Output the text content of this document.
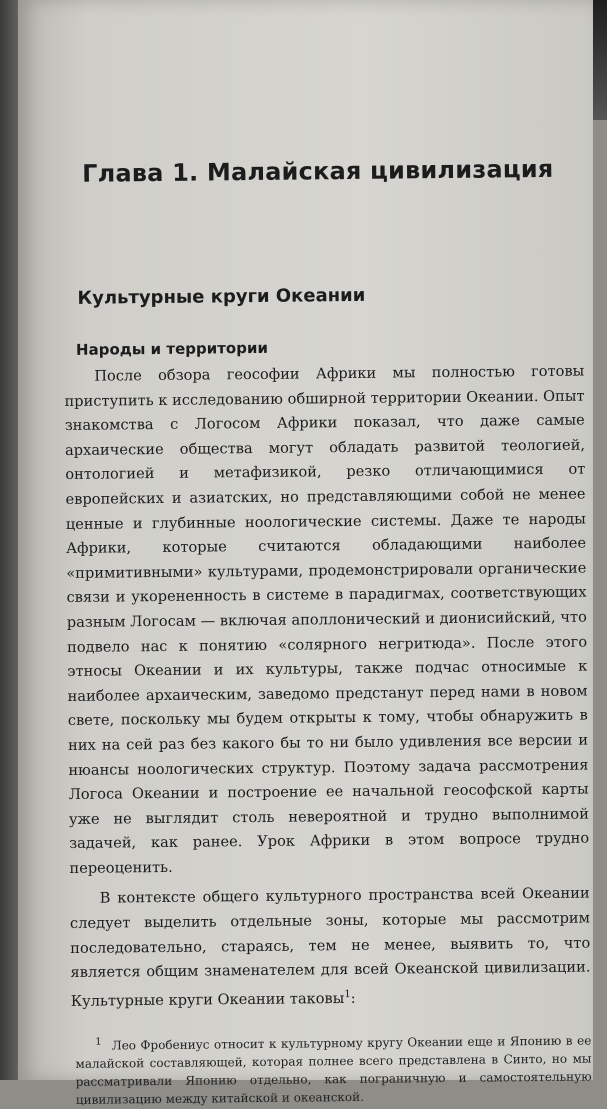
Глава 1. Малайская цивилизация
Культурные круги Океании
Народы и территории

После обзора геософии Африки мы полностью готовы приступить к исследованию обширной территории Океании. Опыт знакомства с Логосом Африки показал, что даже самые архаические общества могут обладать развитой теологией, онтологией и метафизикой, резко отличающимися от европейских и азиатских, но представляющими собой не менее ценные и глубинные ноологические системы. Даже те народы Африки, которые считаются обладающими наиболее «примитивными» культурами, продемонстрировали органические связи и укорененность в системе в парадигмах, соответствующих разным Логосам — включая аполлонический и дионисийский, что подвело нас к понятию «солярного негритюда». После этого этносы Океании и их культуры, также подчас относимые к наиболее архаическим, заведомо предстанут перед нами в новом свете, поскольку мы будем открыты к тому, чтобы обнаружить в них на сей раз без какого бы то ни было удивления все версии и нюансы ноологических структур. Поэтому задача рассмотрения Логоса Океании и построение ее начальной геософской карты уже не выглядит столь невероятной и трудно выполнимой задачей, как ранее. Урок Африки в этом вопросе трудно переоценить.

В контексте общего культурного пространства всей Океании следует выделить отдельные зоны, которые мы рассмотрим последовательно, стараясь, тем не менее, выявить то, что является общим знаменателем для всей Океанской цивилизации. Культурные круги Океании таковы$^1$:

$^1$ Лео Фробениус относит к культурному кругу Океании еще и Японию в ее малайской составляющей, которая полнее всего представлена в Синто, но мы рассматривали Японию отдельно, как пограничную и самостоятельную цивилизацию между китайской и океанской.
